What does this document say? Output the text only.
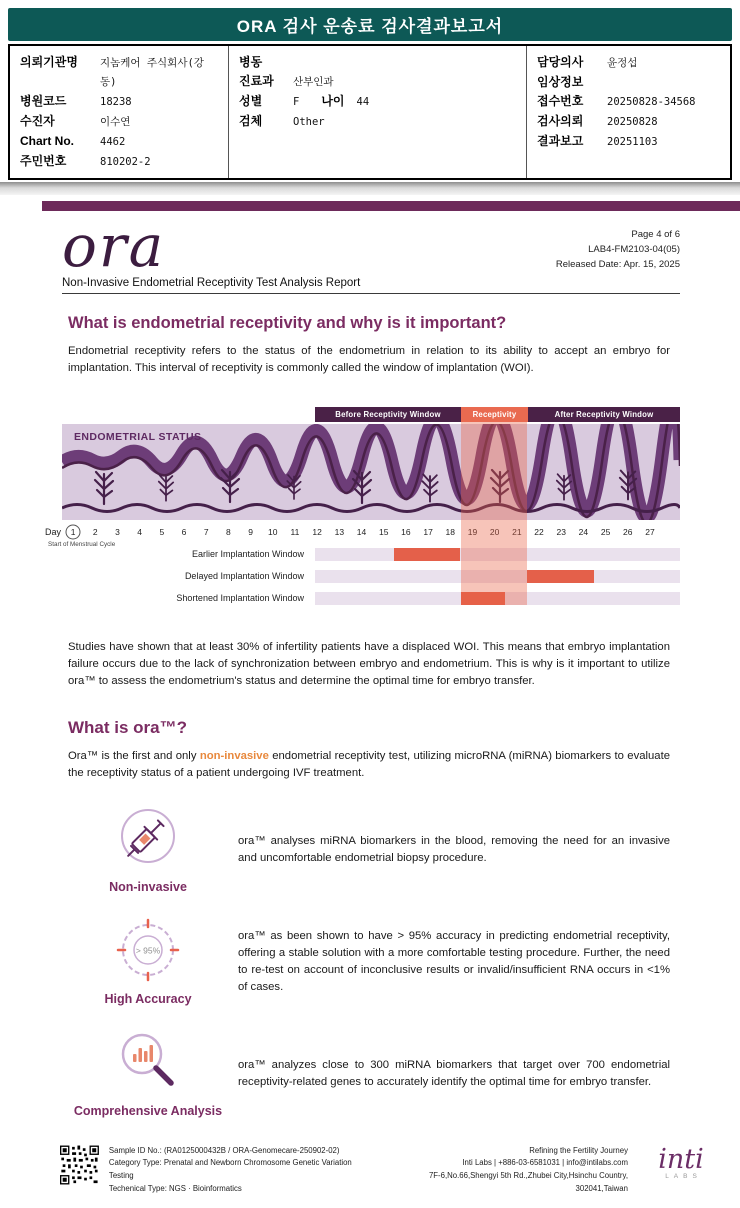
ORA 검사 운송료 검사결과보고서
의뢰기관명	지놈케어 주식회사(강동)
병원코드	18238
수진자	이수연
Chart No.	4462
주민번호	810202-2
병동
진료과	산부인과
성별	F 나이 44
검체	Other
담당의사	윤정섭
임상정보
접수번호	20250828-34568
검사의뢰	20250828
결과보고	20251103
ora
Non-Invasive Endometrial Receptivity Test Analysis Report
Page 4 of 6
LAB4-FM2103-04(05)
Released Date: Apr. 15, 2025
What is endometrial receptivity and why is it important?
Endometrial receptivity refers to the status of the endometrium in relation to its ability to accept an embryo for implantation. This interval of receptivity is commonly called the window of implantation (WOI).
Before Receptivity Window	Receptivity	After Receptivity Window
ENDOMETRIAL STATUS
Day	1	2	3	4	5	6	7	8	9	10	11	12	13	14	15	16	17	18	19	20	21	22	23	24	25	26	27
Start of Menstrual Cycle
Earlier Implantation Window
Delayed Implantation Window
Shortened Implantation Window
Studies have shown that at least 30% of infertility patients have a displaced WOI. This means that embryo implantation failure occurs due to the lack of synchronization between embryo and endometrium. This is why is it important to utilize ora™ to assess the endometrium's status and determine the optimal time for embryo transfer.
What is ora™?
Ora™ is the first and only non-invasive endometrial receptivity test, utilizing microRNA (miRNA) biomarkers to evaluate the receptivity status of a patient undergoing IVF treatment.
Non-invasive
ora™ analyses miRNA biomarkers in the blood, removing the need for an invasive and uncomfortable endometrial biopsy procedure.
> 95%
High Accuracy
ora™ as been shown to have > 95% accuracy in predicting endometrial receptivity, offering a stable solution with a more comfortable testing procedure. Further, the need to re-test on account of inconclusive results or invalid/insufficient RNA occurs in <1% of cases.
Comprehensive Analysis
ora™ analyzes close to 300 miRNA biomarkers that target over 700 endometrial receptivity-related genes to accurately identify the optimal time for embryo transfer.
Sample ID No.: (RA0125000432B / ORA-Genomecare-250902-02)
Category Type: Prenatal and Newborn Chromosome Genetic Variation Testing
Techenical Type: NGS · Bioinformatics
Refining the Fertility Journey
Inti Labs | +886-03-6581031 | info@intilabs.com
7F-6,No.66,Shengyi 5th Rd.,Zhubei City,Hsinchu Country, 302041,Taiwan
inti
LABS
